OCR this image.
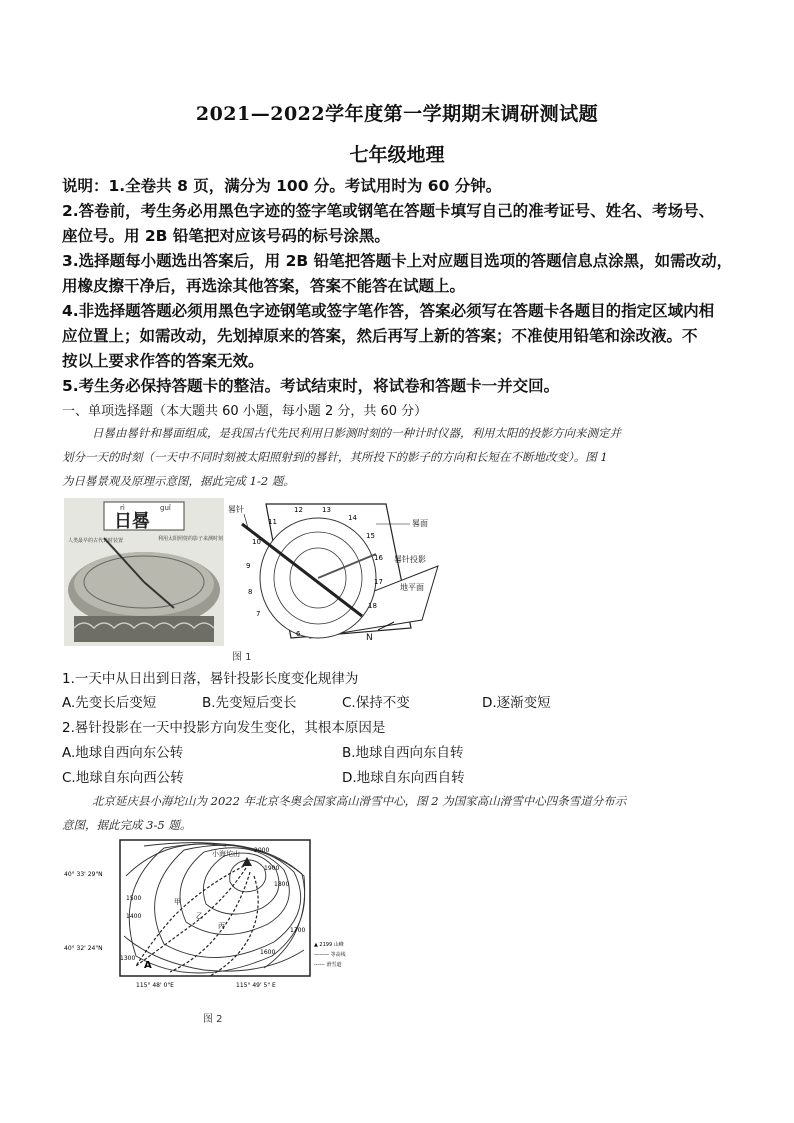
2021—2022学年度第一学期期末调研测试题
七年级地理
说明：1.全卷共 8 页，满分为 100 分。考试用时为 60 分钟。
2.答卷前，考生务必用黑色字迹的签字笔或钢笔在答题卡填写自己的准考证号、姓名、考场号、
座位号。用 2B 铅笔把对应该号码的标号涂黑。
3.选择题每小题选出答案后，用 2B 铅笔把答题卡上对应题目选项的答题信息点涂黑，如需改动，
用橡皮擦干净后，再选涂其他答案，答案不能答在试题上。
4.非选择题答题必须用黑色字迹钢笔或签字笔作答，答案必须写在答题卡各题目的指定区域内相
应位置上；如需改动，先划掉原来的答案，然后再写上新的答案；不准使用铅笔和涂改液。不
按以上要求作答的答案无效。
5.考生务必保持答题卡的整洁。考试结束时，将试卷和答题卡一并交回。
一、单项选择题（本大题共 60 小题，每小题 2 分，共 60 分）
日晷由晷针和晷面组成，是我国古代先民利用日影测时刻的一种计时仪器，利用太阳的投影方向来测定并
划分一天的时刻（一天中不同时刻被太阳照射到的晷针，其所投下的影子的方向和长短在不断地改变）。图 1
为日晷景观及原理示意图，据此完成 1-2 题。
rì	guǐ
日晷
人类最早的古代计时装置	利用太阳照射的影子来测时刻
晷针
晷面
晷针投影
地平面
N
12	13
14
15
16
17
18
11
10
9
8
7
6
图 1
1.一天中从日出到日落，晷针投影长度变化规律为
A.先变长后变短	B.先变短后变长	C.保持不变	D.逐渐变短
2.晷针投影在一天中投影方向发生变化，其根本原因是
A.地球自西向东公转	B.地球自西向东自转
C.地球自东向西公转	D.地球自东向西自转
北京延庆县小海坨山为 2022 年北京冬奥会国家高山滑雪中心，图 2 为国家高山滑雪中心四条雪道分布示
意图，据此完成 3-5 题。
小海坨山 2000
1900
1800
1700
1600
1500
1400
1300
甲
乙
丙
A
40° 33' 29"N
40° 32' 24"N
115° 48' 0"E	115° 49' 5" E
▲ 2199 山峰
——— 等高线
------ 滑雪道
图 2
